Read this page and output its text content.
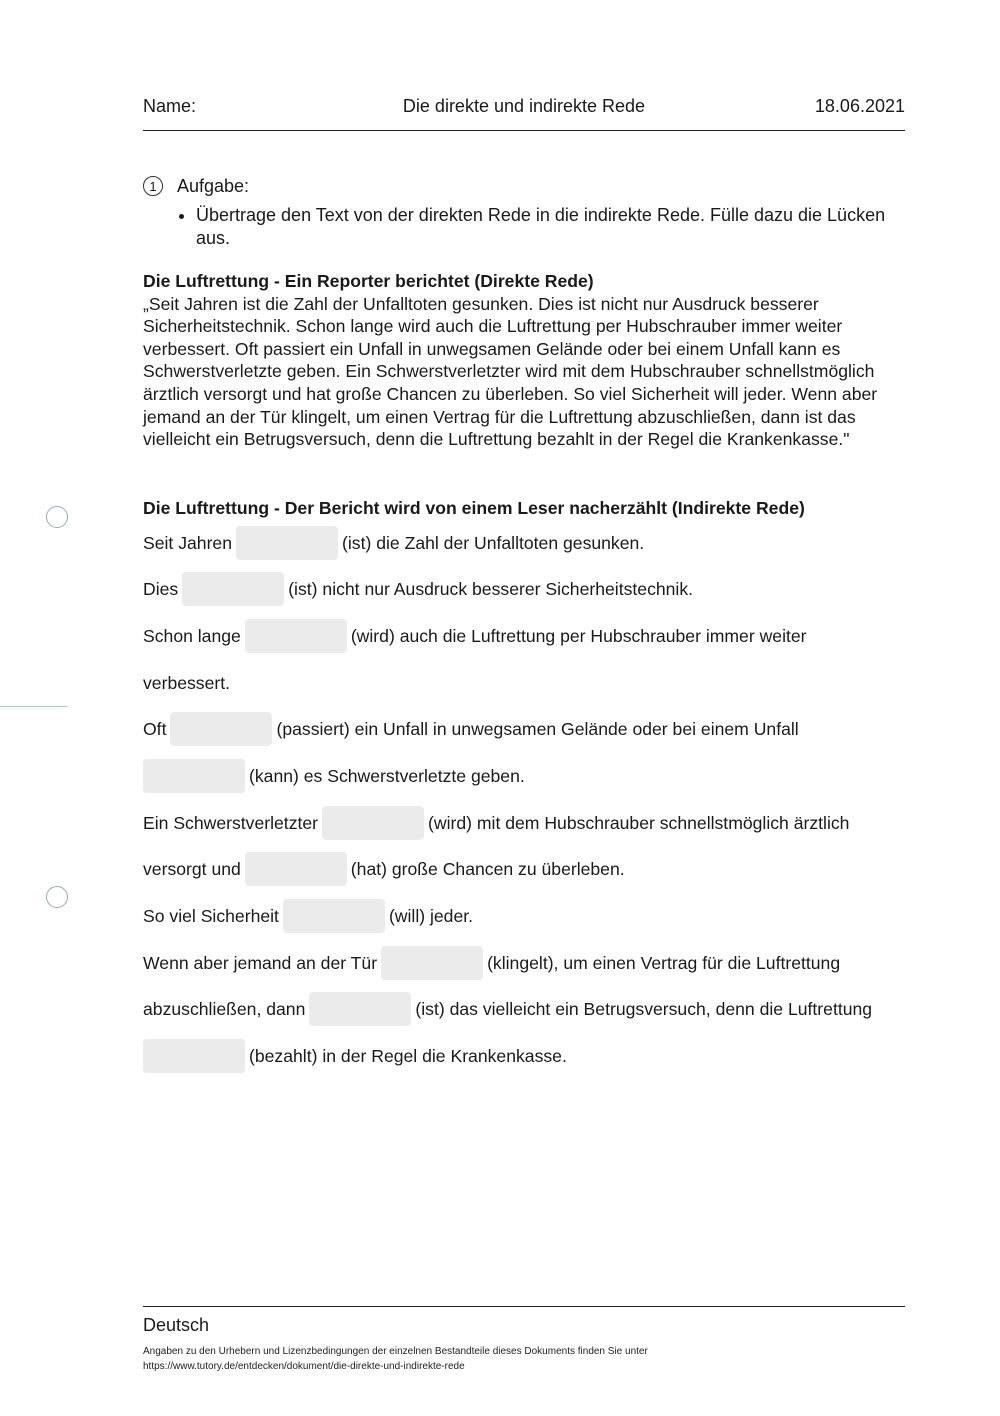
Name:	Die direkte und indirekte Rede	18.06.2021
1	Aufgabe:
• Übertrage den Text von der direkten Rede in die indirekte Rede. Fülle dazu die Lücken aus.
Die Luftrettung - Ein Reporter berichtet (Direkte Rede)
„Seit Jahren ist die Zahl der Unfalltoten gesunken. Dies ist nicht nur Ausdruck besserer Sicherheitstechnik. Schon lange wird auch die Luftrettung per Hubschrauber immer weiter verbessert. Oft passiert ein Unfall in unwegsamen Gelände oder bei einem Unfall kann es Schwerstverletzte geben. Ein Schwerstverletzter wird mit dem Hubschrauber schnellstmöglich ärztlich versorgt und hat große Chancen zu überleben. So viel Sicherheit will jeder. Wenn aber jemand an der Tür klingelt, um einen Vertrag für die Luftrettung abzuschließen, dann ist das vielleicht ein Betrugsversuch, denn die Luftrettung bezahlt in der Regel die Krankenkasse."
Die Luftrettung - Der Bericht wird von einem Leser nacherzählt (Indirekte Rede)
Seit Jahren	(ist) die Zahl der Unfalltoten gesunken.
Dies	(ist) nicht nur Ausdruck besserer Sicherheitstechnik.
Schon lange	(wird) auch die Luftrettung per Hubschrauber immer weiter
verbessert.
Oft	(passiert) ein Unfall in unwegsamen Gelände oder bei einem Unfall
(kann) es Schwerstverletzte geben.
Ein Schwerstverletzter	(wird) mit dem Hubschrauber schnellstmöglich ärztlich
versorgt und	(hat) große Chancen zu überleben.
So viel Sicherheit	(will) jeder.
Wenn aber jemand an der Tür	(klingelt), um einen Vertrag für die Luftrettung
abzuschließen, dann	(ist) das vielleicht ein Betrugsversuch, denn die Luftrettung
(bezahlt) in der Regel die Krankenkasse.
Deutsch
Angaben zu den Urhebern und Lizenzbedingungen der einzelnen Bestandteile dieses Dokuments finden Sie unter
https://www.tutory.de/entdecken/dokument/die-direkte-und-indirekte-rede
